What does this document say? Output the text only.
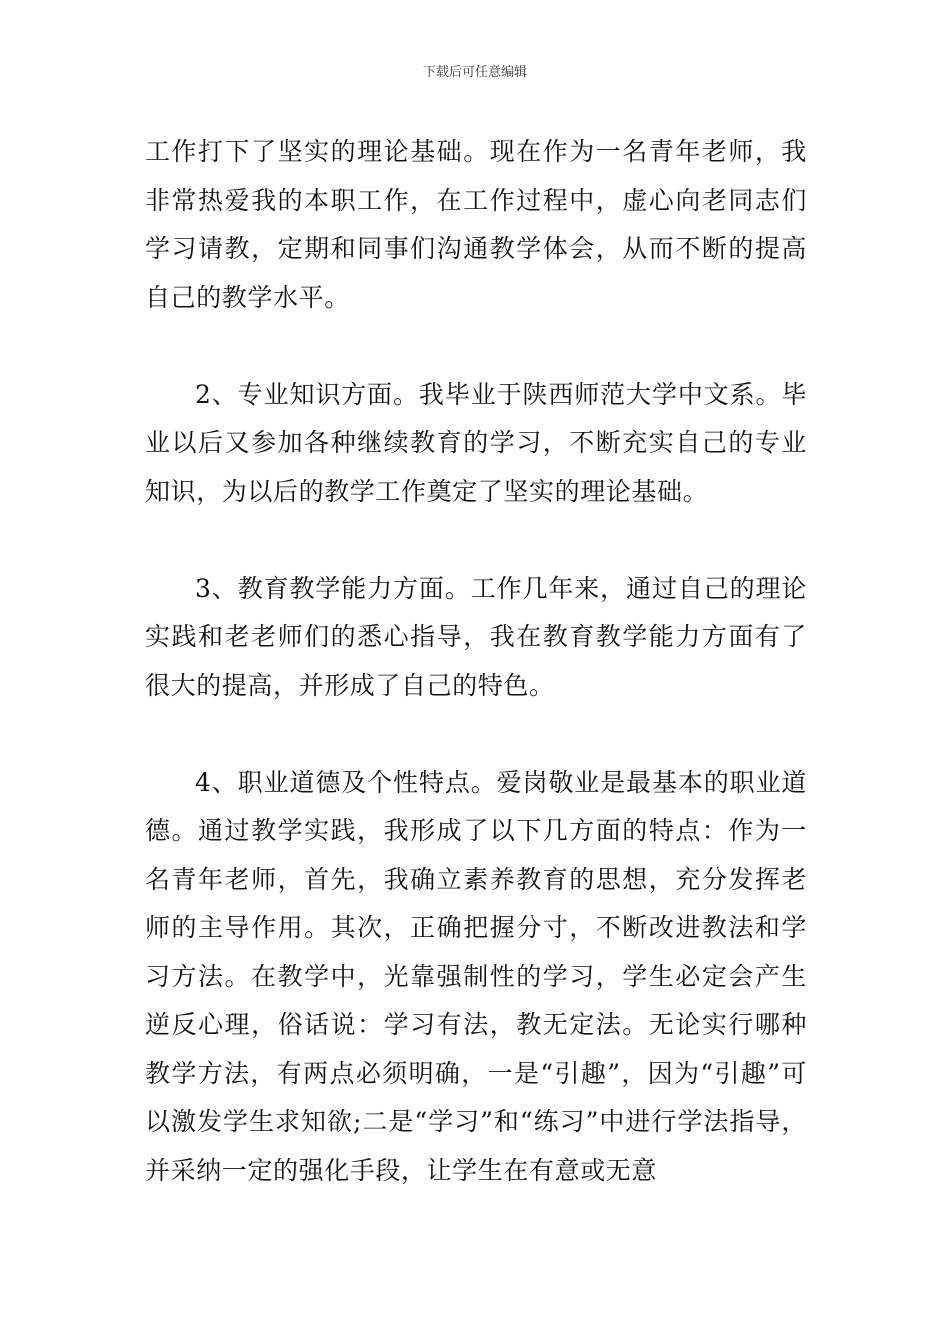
下载后可任意编辑

工作打下了坚实的理论基础。现在作为一名青年老师，我非常热爱我的本职工作，在工作过程中，虚心向老同志们学习请教，定期和同事们沟通教学体会，从而不断的提高自己的教学水平。

2、专业知识方面。我毕业于陕西师范大学中文系。毕业以后又参加各种继续教育的学习，不断充实自己的专业知识，为以后的教学工作奠定了坚实的理论基础。

3、教育教学能力方面。工作几年来，通过自己的理论实践和老老师们的悉心指导，我在教育教学能力方面有了很大的提高，并形成了自己的特色。

4、职业道德及个性特点。爱岗敬业是最基本的职业道德。通过教学实践，我形成了以下几方面的特点：作为一名青年老师，首先，我确立素养教育的思想，充分发挥老师的主导作用。其次，正确把握分寸，不断改进教法和学习方法。在教学中，光靠强制性的学习，学生必定会产生逆反心理，俗话说：学习有法，教无定法。无论实行哪种教学方法，有两点必须明确，一是“引趣”，因为“引趣”可以激发学生求知欲;二是“学习”和“练习”中进行学法指导，并采纳一定的强化手段，让学生在有意或无意
